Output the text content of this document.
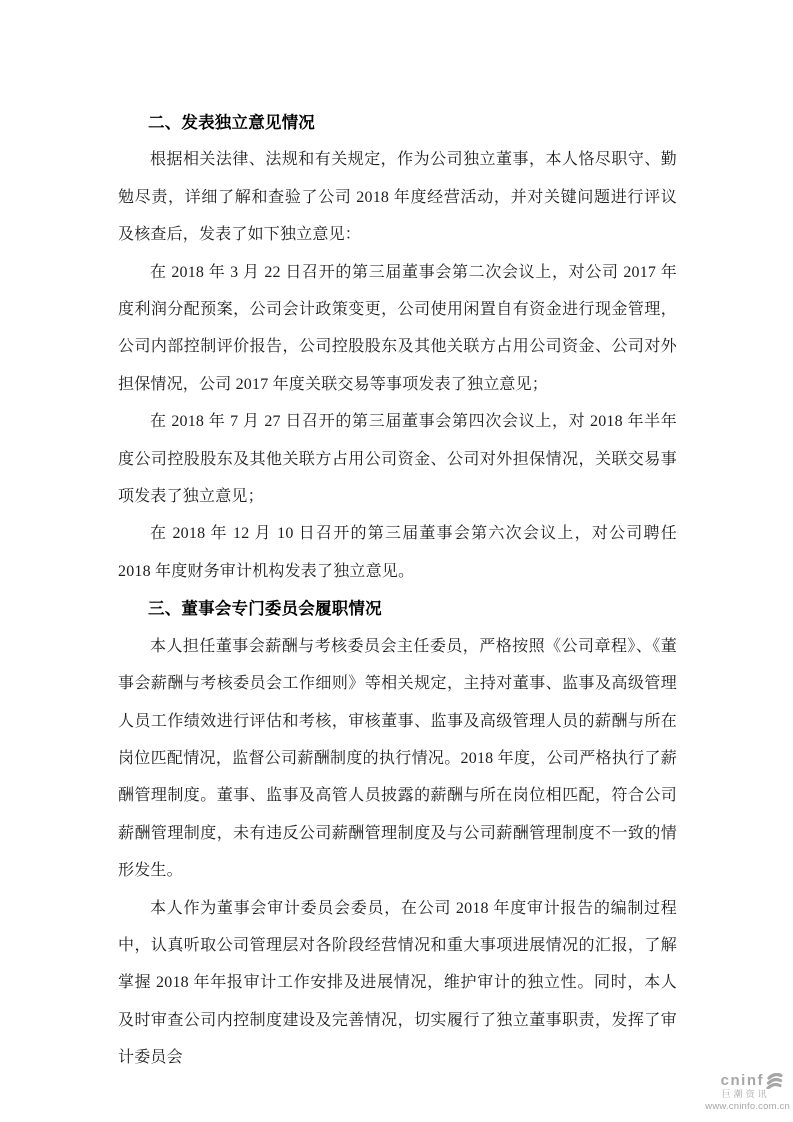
二、发表独立意见情况

根据相关法律、法规和有关规定，作为公司独立董事，本人恪尽职守、勤勉尽责，详细了解和查验了公司 2018 年度经营活动，并对关键问题进行评议及核查后，发表了如下独立意见：

在 2018 年 3 月 22 日召开的第三届董事会第二次会议上，对公司 2017 年度利润分配预案，公司会计政策变更，公司使用闲置自有资金进行现金管理，公司内部控制评价报告，公司控股股东及其他关联方占用公司资金、公司对外担保情况，公司 2017 年度关联交易等事项发表了独立意见；

在 2018 年 7 月 27 日召开的第三届董事会第四次会议上，对 2018 年半年度公司控股股东及其他关联方占用公司资金、公司对外担保情况，关联交易事项发表了独立意见；

在 2018 年 12 月 10 日召开的第三届董事会第六次会议上，对公司聘任 2018 年度财务审计机构发表了独立意见。

三、董事会专门委员会履职情况

本人担任董事会薪酬与考核委员会主任委员，严格按照《公司章程》、《董事会薪酬与考核委员会工作细则》等相关规定，主持对董事、监事及高级管理人员工作绩效进行评估和考核，审核董事、监事及高级管理人员的薪酬与所在岗位匹配情况，监督公司薪酬制度的执行情况。2018 年度，公司严格执行了薪酬管理制度。董事、监事及高管人员披露的薪酬与所在岗位相匹配，符合公司薪酬管理制度，未有违反公司薪酬管理制度及与公司薪酬管理制度不一致的情形发生。

本人作为董事会审计委员会委员，在公司 2018 年度审计报告的编制过程中，认真听取公司管理层对各阶段经营情况和重大事项进展情况的汇报，了解掌握 2018 年年报审计工作安排及进展情况，维护审计的独立性。同时，本人及时审查公司内控制度建设及完善情况，切实履行了独立董事职责，发挥了审计委员会

cninf
巨潮资讯
www.cninfo.com.cn
